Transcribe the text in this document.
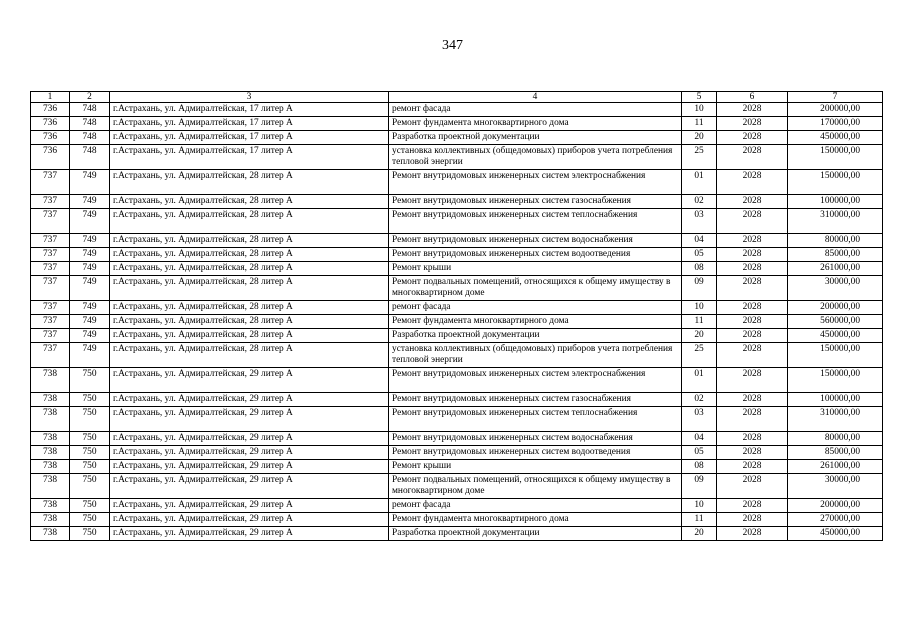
347
1	2	3	4	5	6	7
736	748	г.Астрахань, ул. Адмиралтейская, 17 литер А	ремонт фасада	10	2028	200000,00
736	748	г.Астрахань, ул. Адмиралтейская, 17 литер А	Ремонт фундамента многоквартирного дома	11	2028	170000,00
736	748	г.Астрахань, ул. Адмиралтейская, 17 литер А	Разработка проектной документации	20	2028	450000,00
736	748	г.Астрахань, ул. Адмиралтейская, 17 литер А	установка коллективных (общедомовых) приборов учета потребления тепловой энергии	25	2028	150000,00
737	749	г.Астрахань, ул. Адмиралтейская, 28 литер А	Ремонт внутридомовых инженерных систем электроснабжения	01	2028	150000,00
737	749	г.Астрахань, ул. Адмиралтейская, 28 литер А	Ремонт внутридомовых инженерных систем газоснабжения	02	2028	100000,00
737	749	г.Астрахань, ул. Адмиралтейская, 28 литер А	Ремонт внутридомовых инженерных систем теплоснабжения	03	2028	310000,00
737	749	г.Астрахань, ул. Адмиралтейская, 28 литер А	Ремонт внутридомовых инженерных систем водоснабжения	04	2028	80000,00
737	749	г.Астрахань, ул. Адмиралтейская, 28 литер А	Ремонт внутридомовых инженерных систем водоотведения	05	2028	85000,00
737	749	г.Астрахань, ул. Адмиралтейская, 28 литер А	Ремонт крыши	08	2028	261000,00
737	749	г.Астрахань, ул. Адмиралтейская, 28 литер А	Ремонт подвальных помещений, относящихся к общему имуществу в многоквартирном доме	09	2028	30000,00
737	749	г.Астрахань, ул. Адмиралтейская, 28 литер А	ремонт фасада	10	2028	200000,00
737	749	г.Астрахань, ул. Адмиралтейская, 28 литер А	Ремонт фундамента многоквартирного дома	11	2028	560000,00
737	749	г.Астрахань, ул. Адмиралтейская, 28 литер А	Разработка проектной документации	20	2028	450000,00
737	749	г.Астрахань, ул. Адмиралтейская, 28 литер А	установка коллективных (общедомовых) приборов учета потребления тепловой энергии	25	2028	150000,00
738	750	г.Астрахань, ул. Адмиралтейская, 29 литер А	Ремонт внутридомовых инженерных систем электроснабжения	01	2028	150000,00
738	750	г.Астрахань, ул. Адмиралтейская, 29 литер А	Ремонт внутридомовых инженерных систем газоснабжения	02	2028	100000,00
738	750	г.Астрахань, ул. Адмиралтейская, 29 литер А	Ремонт внутридомовых инженерных систем теплоснабжения	03	2028	310000,00
738	750	г.Астрахань, ул. Адмиралтейская, 29 литер А	Ремонт внутридомовых инженерных систем водоснабжения	04	2028	80000,00
738	750	г.Астрахань, ул. Адмиралтейская, 29 литер А	Ремонт внутридомовых инженерных систем водоотведения	05	2028	85000,00
738	750	г.Астрахань, ул. Адмиралтейская, 29 литер А	Ремонт крыши	08	2028	261000,00
738	750	г.Астрахань, ул. Адмиралтейская, 29 литер А	Ремонт подвальных помещений, относящихся к общему имуществу в многоквартирном доме	09	2028	30000,00
738	750	г.Астрахань, ул. Адмиралтейская, 29 литер А	ремонт фасада	10	2028	200000,00
738	750	г.Астрахань, ул. Адмиралтейская, 29 литер А	Ремонт фундамента многоквартирного дома	11	2028	270000,00
738	750	г.Астрахань, ул. Адмиралтейская, 29 литер А	Разработка проектной документации	20	2028	450000,00
